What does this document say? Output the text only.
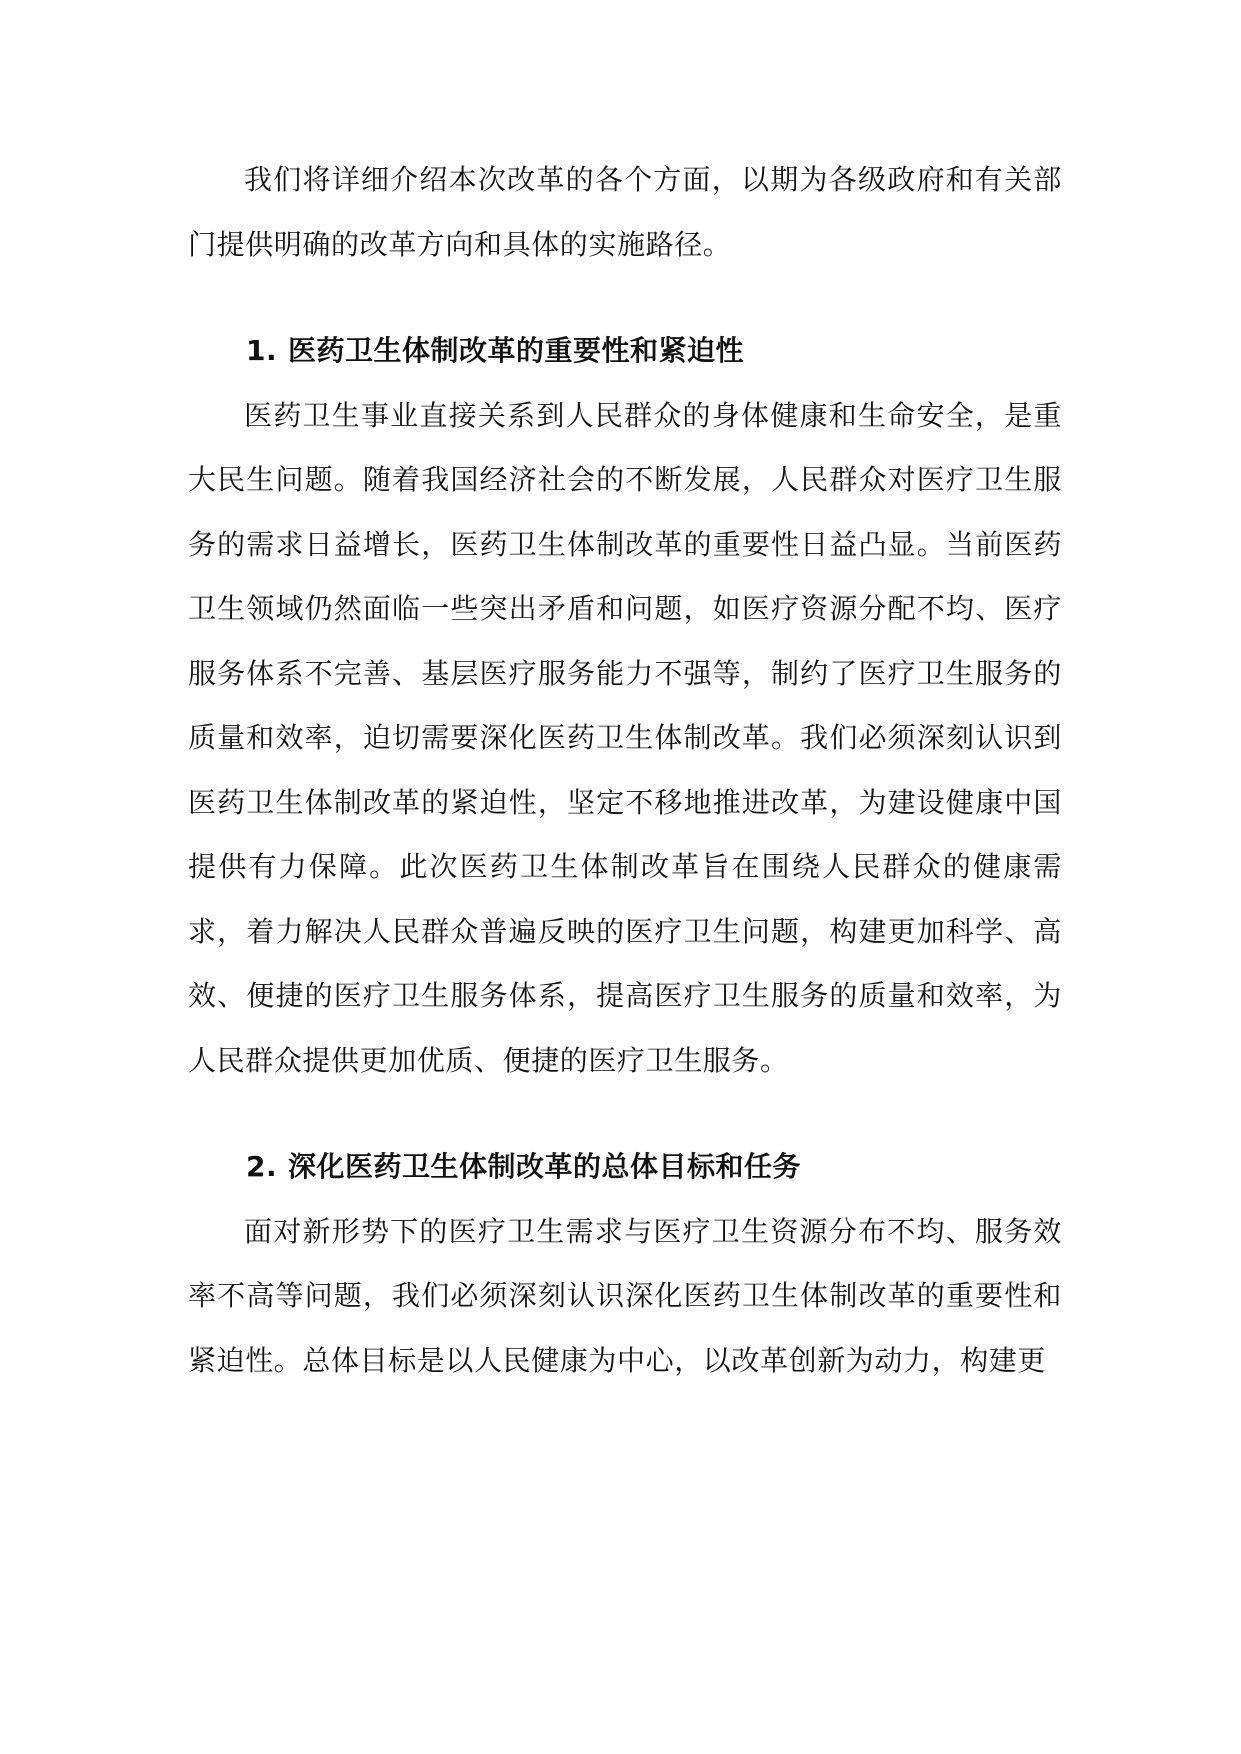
我们将详细介绍本次改革的各个方面，以期为各级政府和有关部门提供明确的改革方向和具体的实施路径。

1. 医药卫生体制改革的重要性和紧迫性

医药卫生事业直接关系到人民群众的身体健康和生命安全，是重大民生问题。随着我国经济社会的不断发展，人民群众对医疗卫生服务的需求日益增长，医药卫生体制改革的重要性日益凸显。当前医药卫生领域仍然面临一些突出矛盾和问题，如医疗资源分配不均、医疗服务体系不完善、基层医疗服务能力不强等，制约了医疗卫生服务的质量和效率，迫切需要深化医药卫生体制改革。我们必须深刻认识到医药卫生体制改革的紧迫性，坚定不移地推进改革，为建设健康中国提供有力保障。此次医药卫生体制改革旨在围绕人民群众的健康需求，着力解决人民群众普遍反映的医疗卫生问题，构建更加科学、高效、便捷的医疗卫生服务体系，提高医疗卫生服务的质量和效率，为人民群众提供更加优质、便捷的医疗卫生服务。

2. 深化医药卫生体制改革的总体目标和任务

面对新形势下的医疗卫生需求与医疗卫生资源分布不均、服务效率不高等问题，我们必须深刻认识深化医药卫生体制改革的重要性和紧迫性。总体目标是以人民健康为中心，以改革创新为动力，构建更
